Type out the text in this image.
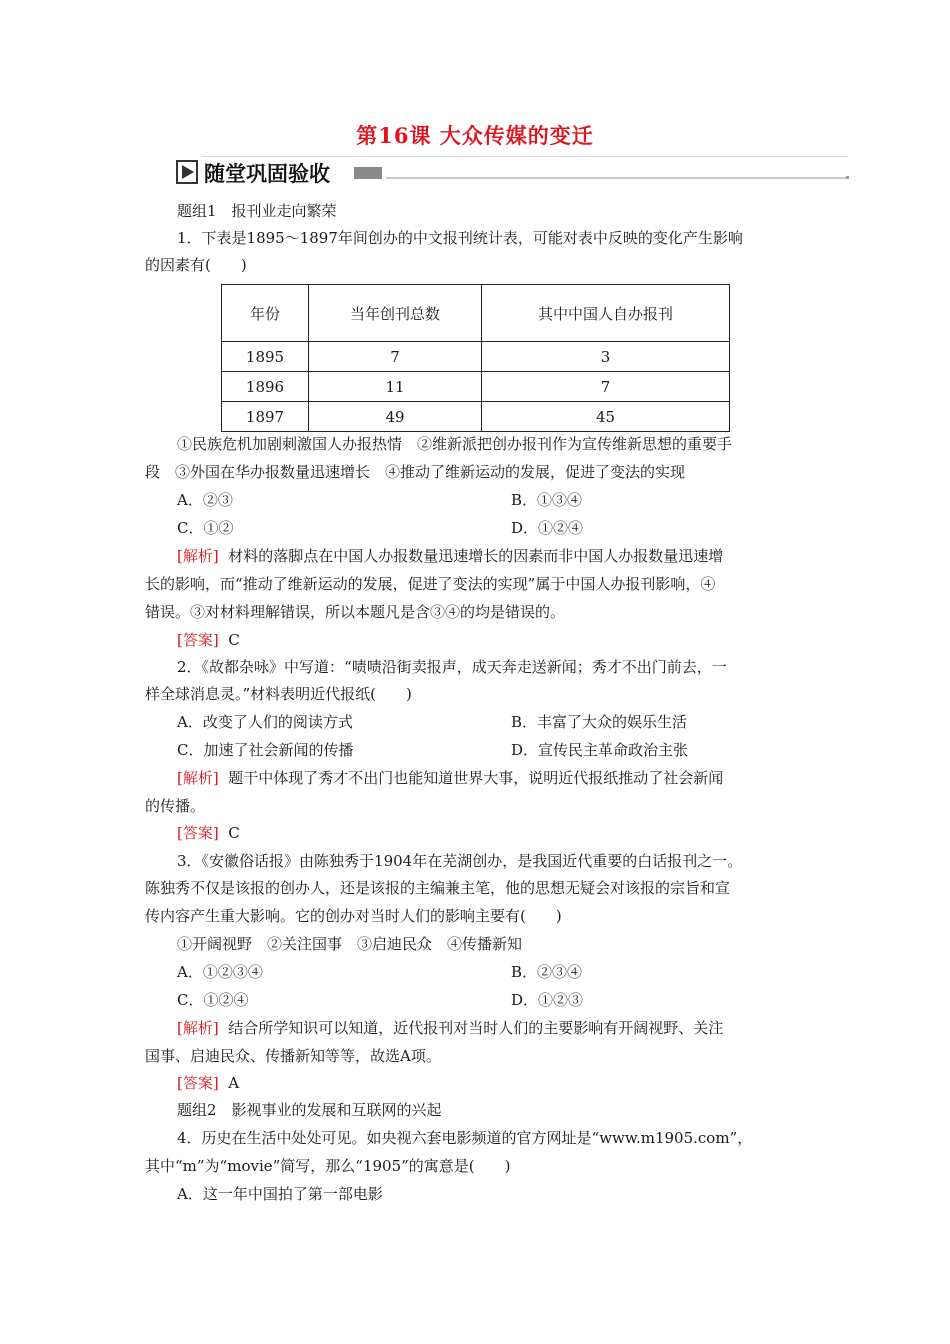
第16课 大众传媒的变迁
随堂巩固验收
题组1　报刊业走向繁荣
1．下表是1895～1897年间创办的中文报刊统计表，可能对表中反映的变化产生影响
的因素有(　　)
年份	当年创刊总数	其中中国人自办报刊
1895	7	3
1896	11	7
1897	49	45
①民族危机加剧刺激国人办报热情　②维新派把创办报刊作为宣传维新思想的重要手
段　③外国在华办报数量迅速增长　④推动了维新运动的发展，促进了变法的实现
A．②③	B．①③④
C．①②	D．①②④
[解析] 材料的落脚点在中国人办报数量迅速增长的因素而非中国人办报数量迅速增
长的影响，而“推动了维新运动的发展，促进了变法的实现”属于中国人办报刊影响，④
错误。③对材料理解错误，所以本题凡是含③④的均是错误的。
[答案] C
2．《故都杂咏》中写道：“啧啧沿街卖报声，成天奔走送新闻；秀才不出门前去，一
样全球消息灵。”材料表明近代报纸(　　)
A．改变了人们的阅读方式	B．丰富了大众的娱乐生活
C．加速了社会新闻的传播	D．宣传民主革命政治主张
[解析] 题干中体现了秀才不出门也能知道世界大事，说明近代报纸推动了社会新闻
的传播。
[答案] C
3．《安徽俗话报》由陈独秀于1904年在芜湖创办，是我国近代重要的白话报刊之一。
陈独秀不仅是该报的创办人，还是该报的主编兼主笔，他的思想无疑会对该报的宗旨和宣
传内容产生重大影响。它的创办对当时人们的影响主要有(　　)
①开阔视野　②关注国事　③启迪民众　④传播新知
A．①②③④	B．②③④
C．①②④	D．①②③
[解析] 结合所学知识可以知道，近代报刊对当时人们的主要影响有开阔视野、关注
国事、启迪民众、传播新知等等，故选A项。
[答案] A
题组2　影视事业的发展和互联网的兴起
4．历史在生活中处处可见。如央视六套电影频道的官方网址是“www.m1905.com”，
其中“m”为“movie”简写，那么“1905”的寓意是(　　)
A．这一年中国拍了第一部电影
